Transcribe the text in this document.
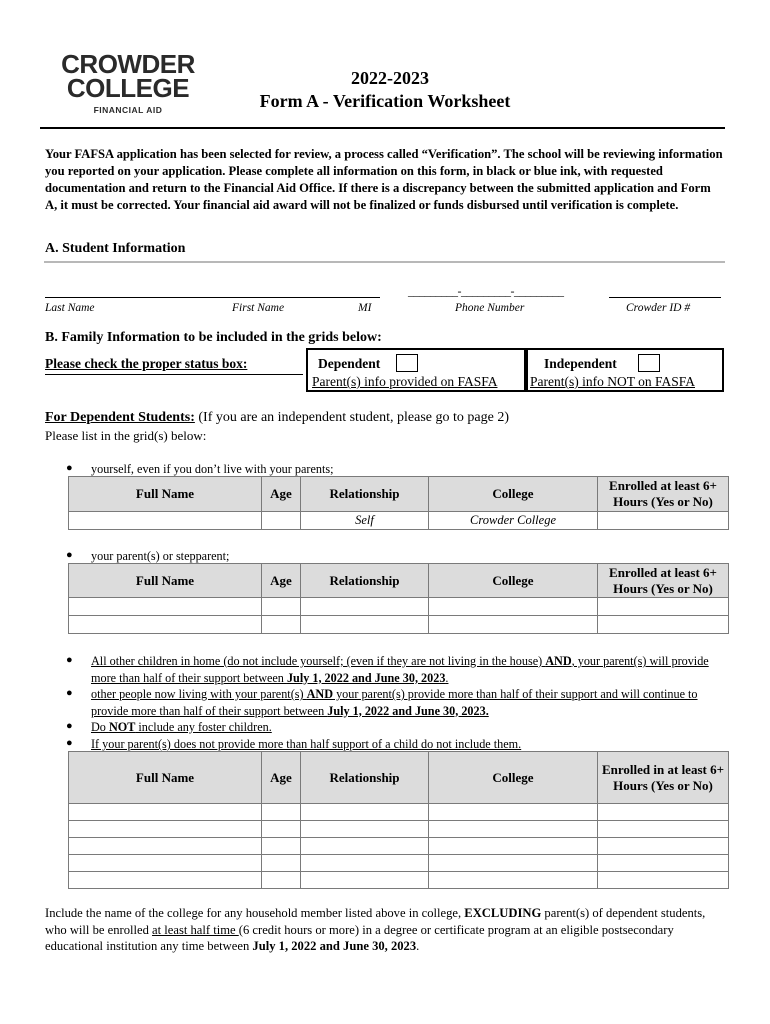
CROWDER
COLLEGE
FINANCIAL AID
2022-2023
Form A - Verification Worksheet
Your FAFSA application has been selected for review, a process called “Verification”. The school will be reviewing information you reported on your application. Please complete all information on this form, in black or blue ink, with requested documentation and return to the Financial Aid Office. If there is a discrepancy between the submitted application and Form A, it must be corrected. Your financial aid award will not be finalized or funds disbursed until verification is complete.
A. Student Information
_________-_________-_________
Last Name	First Name	MI	Phone Number	Crowder ID #
B. Family Information to be included in the grids below:
Please check the proper status box:	Dependent
Parent(s) info provided on FASFA
Independent
Parent(s) info NOT on FASFA
For Dependent Students: (If you are an independent student, please go to page 2)
Please list in the grid(s) below:
● yourself, even if you don’t live with your parents;
Full Name	Age	Relationship	College	Enrolled at least 6+ Hours (Yes or No)
		Self	Crowder College	
● your parent(s) or stepparent;
Full Name	Age	Relationship	College	Enrolled at least 6+ Hours (Yes or No)

● All other children in home (do not include yourself; (even if they are not living in the house) AND, your parent(s) will provide more than half of their support between July 1, 2022 and June 30, 2023.
● other people now living with your parent(s) AND your parent(s) provide more than half of their support and will continue to provide more than half of their support between July 1, 2022 and June 30, 2023.
● Do NOT include any foster children.
● If your parent(s) does not provide more than half support of a child do not include them.
Full Name	Age	Relationship	College	Enrolled in at least 6+ Hours (Yes or No)

Include the name of the college for any household member listed above in college, EXCLUDING parent(s) of dependent students, who will be enrolled at least half time (6 credit hours or more) in a degree or certificate program at an eligible postsecondary educational institution any time between July 1, 2022 and June 30, 2023.
